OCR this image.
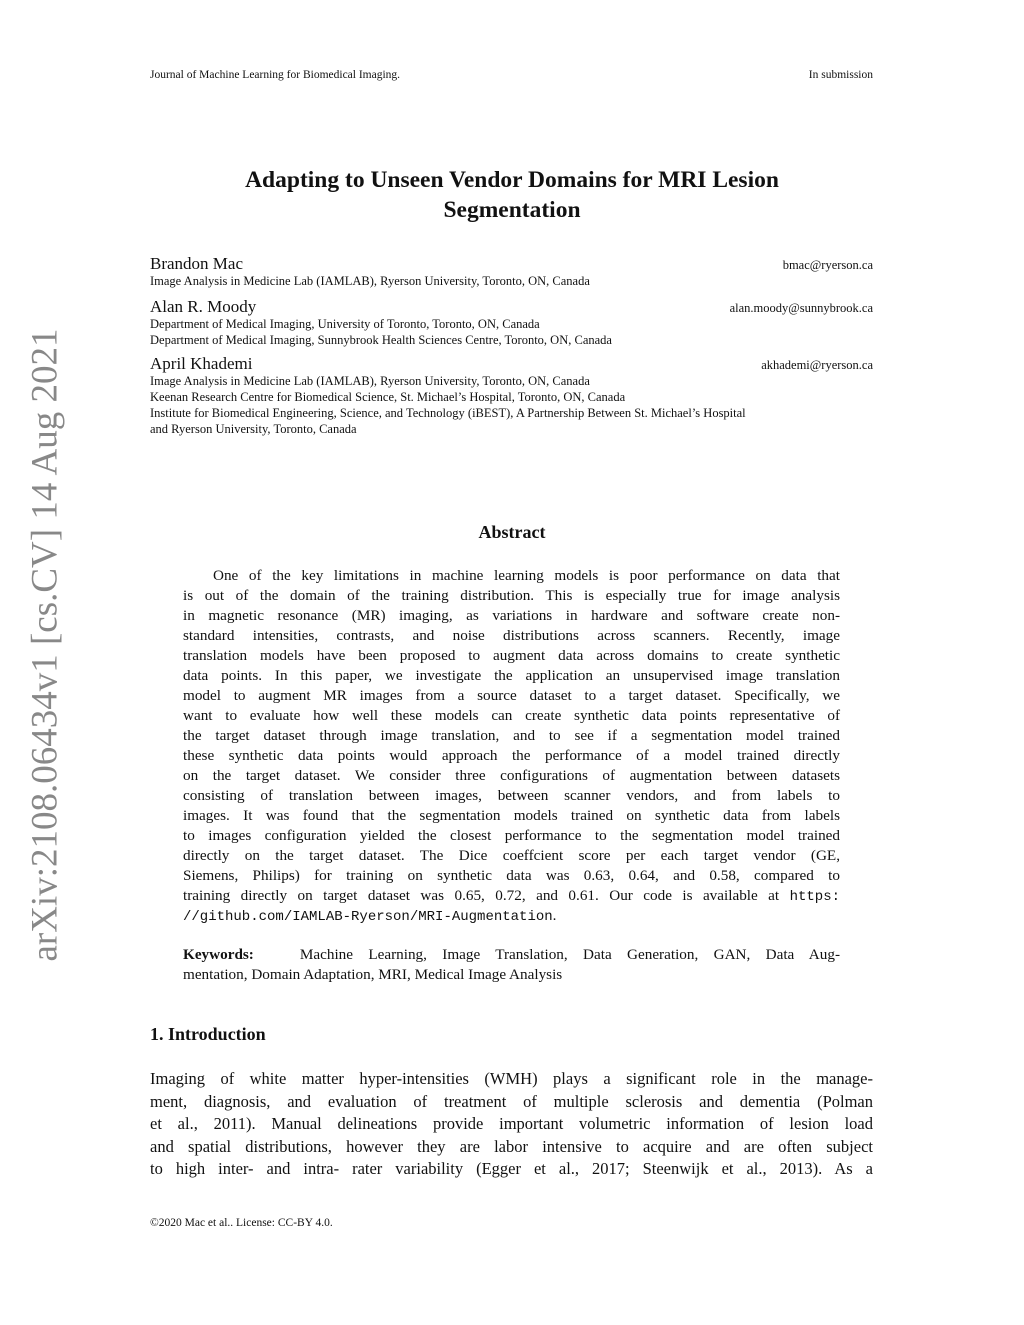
arXiv:2108.06434v1 [cs.CV] 14 Aug 2021
Journal of Machine Learning for Biomedical Imaging.	In submission
Adapting to Unseen Vendor Domains for MRI Lesion
Segmentation
Brandon Mac	bmac@ryerson.ca
Image Analysis in Medicine Lab (IAMLAB), Ryerson University, Toronto, ON, Canada
Alan R. Moody	alan.moody@sunnybrook.ca
Department of Medical Imaging, University of Toronto, Toronto, ON, Canada
Department of Medical Imaging, Sunnybrook Health Sciences Centre, Toronto, ON, Canada
April Khademi	akhademi@ryerson.ca
Image Analysis in Medicine Lab (IAMLAB), Ryerson University, Toronto, ON, Canada
Keenan Research Centre for Biomedical Science, St. Michael’s Hospital, Toronto, ON, Canada
Institute for Biomedical Engineering, Science, and Technology (iBEST), A Partnership Between St. Michael’s Hospital
and Ryerson University, Toronto, Canada
Abstract
One of the key limitations in machine learning models is poor performance on data that
is out of the domain of the training distribution. This is especially true for image analysis
in magnetic resonance (MR) imaging, as variations in hardware and software create non-
standard intensities, contrasts, and noise distributions across scanners. Recently, image
translation models have been proposed to augment data across domains to create synthetic
data points. In this paper, we investigate the application an unsupervised image translation
model to augment MR images from a source dataset to a target dataset. Specifically, we
want to evaluate how well these models can create synthetic data points representative of
the target dataset through image translation, and to see if a segmentation model trained
these synthetic data points would approach the performance of a model trained directly
on the target dataset. We consider three configurations of augmentation between datasets
consisting of translation between images, between scanner vendors, and from labels to
images. It was found that the segmentation models trained on synthetic data from labels
to images configuration yielded the closest performance to the segmentation model trained
directly on the target dataset. The Dice coeffcient score per each target vendor (GE,
Siemens, Philips) for training on synthetic data was 0.63, 0.64, and 0.58, compared to
training directly on target dataset was 0.65, 0.72, and 0.61. Our code is available at https:
//github.com/IAMLAB-Ryerson/MRI-Augmentation.
Keywords:	Machine Learning, Image Translation, Data Generation, GAN, Data Aug-
mentation, Domain Adaptation, MRI, Medical Image Analysis
1. Introduction
Imaging of white matter hyper-intensities (WMH) plays a significant role in the manage-
ment, diagnosis, and evaluation of treatment of multiple sclerosis and dementia (Polman
et al., 2011). Manual delineations provide important volumetric information of lesion load
and spatial distributions, however they are labor intensive to acquire and are often subject
to high inter- and intra- rater variability (Egger et al., 2017; Steenwijk et al., 2013). As a
©2020 Mac et al.. License: CC-BY 4.0.
